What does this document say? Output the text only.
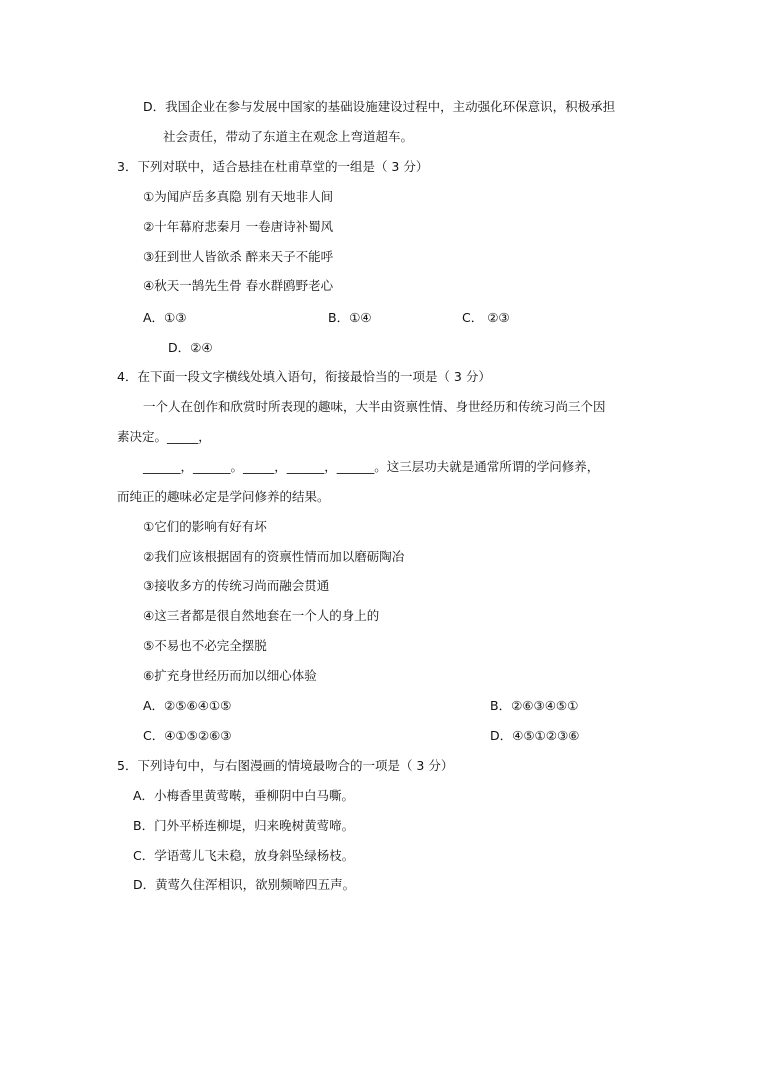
D．我国企业在参与发展中国家的基础设施建设过程中，主动强化环保意识，积极承担
社会责任，带动了东道主在观念上弯道超车。
3．下列对联中，适合悬挂在杜甫草堂的一组是（ 3 分）
①为闻庐岳多真隐 别有天地非人间
②十年幕府悲秦月 一卷唐诗补蜀风
③狂到世人皆欲杀 醉来天子不能呼
④秋天一鹄先生骨 春水群鸥野老心
A．①③	B．①④	C． ②③
D．②④
4．在下面一段文字横线处填入语句，衔接最恰当的一项是（ 3 分）
一个人在创作和欣赏时所表现的趣味，大半由资禀性情、身世经历和传统习尚三个因
素决定。_____，
______，______。_____，______，______。这三层功夫就是通常所谓的学问修养，
而纯正的趣味必定是学问修养的结果。
①它们的影响有好有坏
②我们应该根据固有的资禀性情而加以磨砺陶冶
③接收多方的传统习尚而融会贯通
④这三者都是很自然地套在一个人的身上的
⑤不易也不必完全摆脱
⑥扩充身世经历而加以细心体验
A．②⑤⑥④①⑤	B．②⑥③④⑤①
C．④①⑤②⑥③	D．④⑤①②③⑥
5．下列诗句中，与右图漫画的情境最吻合的一项是（ 3 分）
A．小梅香里黄莺啭，垂柳阴中白马嘶。
B．门外平桥连柳堤，归来晚树黄莺啼。
C．学语莺儿飞未稳，放身斜坠绿杨枝。
D．黄莺久住浑相识，欲别频啼四五声。
